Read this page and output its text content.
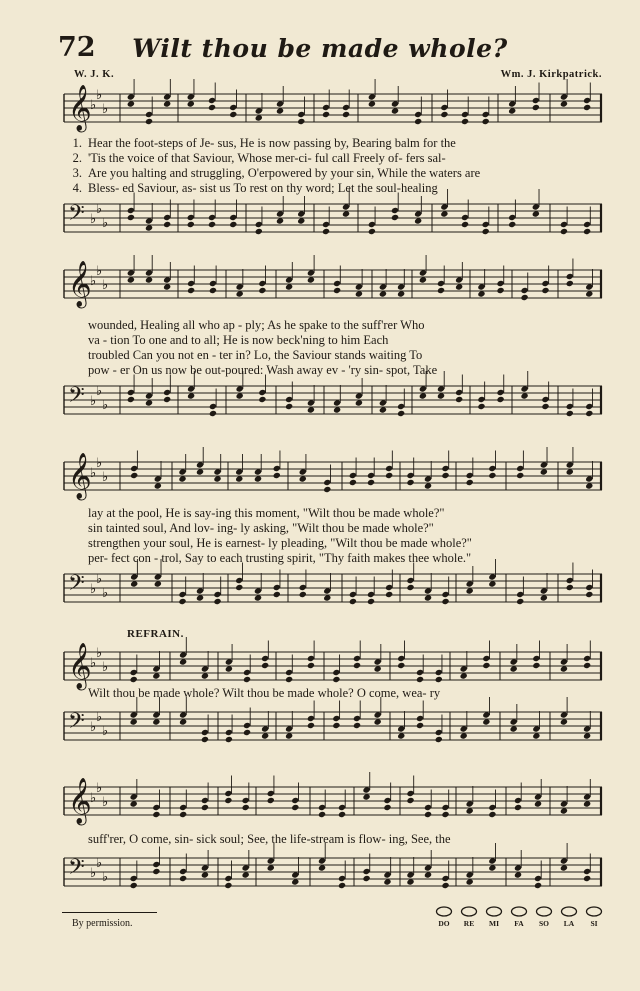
72	Wilt thou be made whole?
W. J. K.	Wm. J. Kirkpatrick.
𝄞
♭
♭
♭
1. Hear the foot-steps of Je- sus, He is now passing by, Bearing balm for the
2. 'Tis the voice of that Saviour, Whose mer-ci- ful call Freely of- fers sal-
3. Are you halting and struggling, O'erpowered by your sin, While the waters are
4. Bless- ed Saviour, as- sist us To rest on thy word; Let the soul-healing
𝄢 ♭
♭
♭
𝄞
♭
♭
♭
wounded, Healing all who ap - ply; As he spake to the suff'rer Who
va - tion To one and to all; He is now beck'ning to him Each
troubled Can you not en - ter in? Lo, the Saviour stands waiting To
pow - er On us now be out-poured: Wash away ev - 'ry sin- spot, Take
𝄢 ♭
♭
♭
𝄞
♭
♭
♭
lay at the pool, He is say-ing this moment, "Wilt thou be made whole?"
sin tainted soul, And lov- ing- ly asking, "Wilt thou be made whole?"
strengthen your soul, He is earnest- ly pleading, "Wilt thou be made whole?"
per- fect con - trol, Say to each trusting spirit, "Thy faith makes thee whole."
𝄢 ♭
♭
♭
REFRAIN.
𝄞
♭
♭
♭
Wilt thou be made whole? Wilt thou be made whole? O come, wea- ry
𝄢 ♭
♭
♭
𝄞
♭
♭
♭
suff'rer, O come, sin- sick soul; See, the life-stream is flow- ing, See, the
𝄢 ♭
♭
♭
By permission.	DO RE MI FA SO LA SI
